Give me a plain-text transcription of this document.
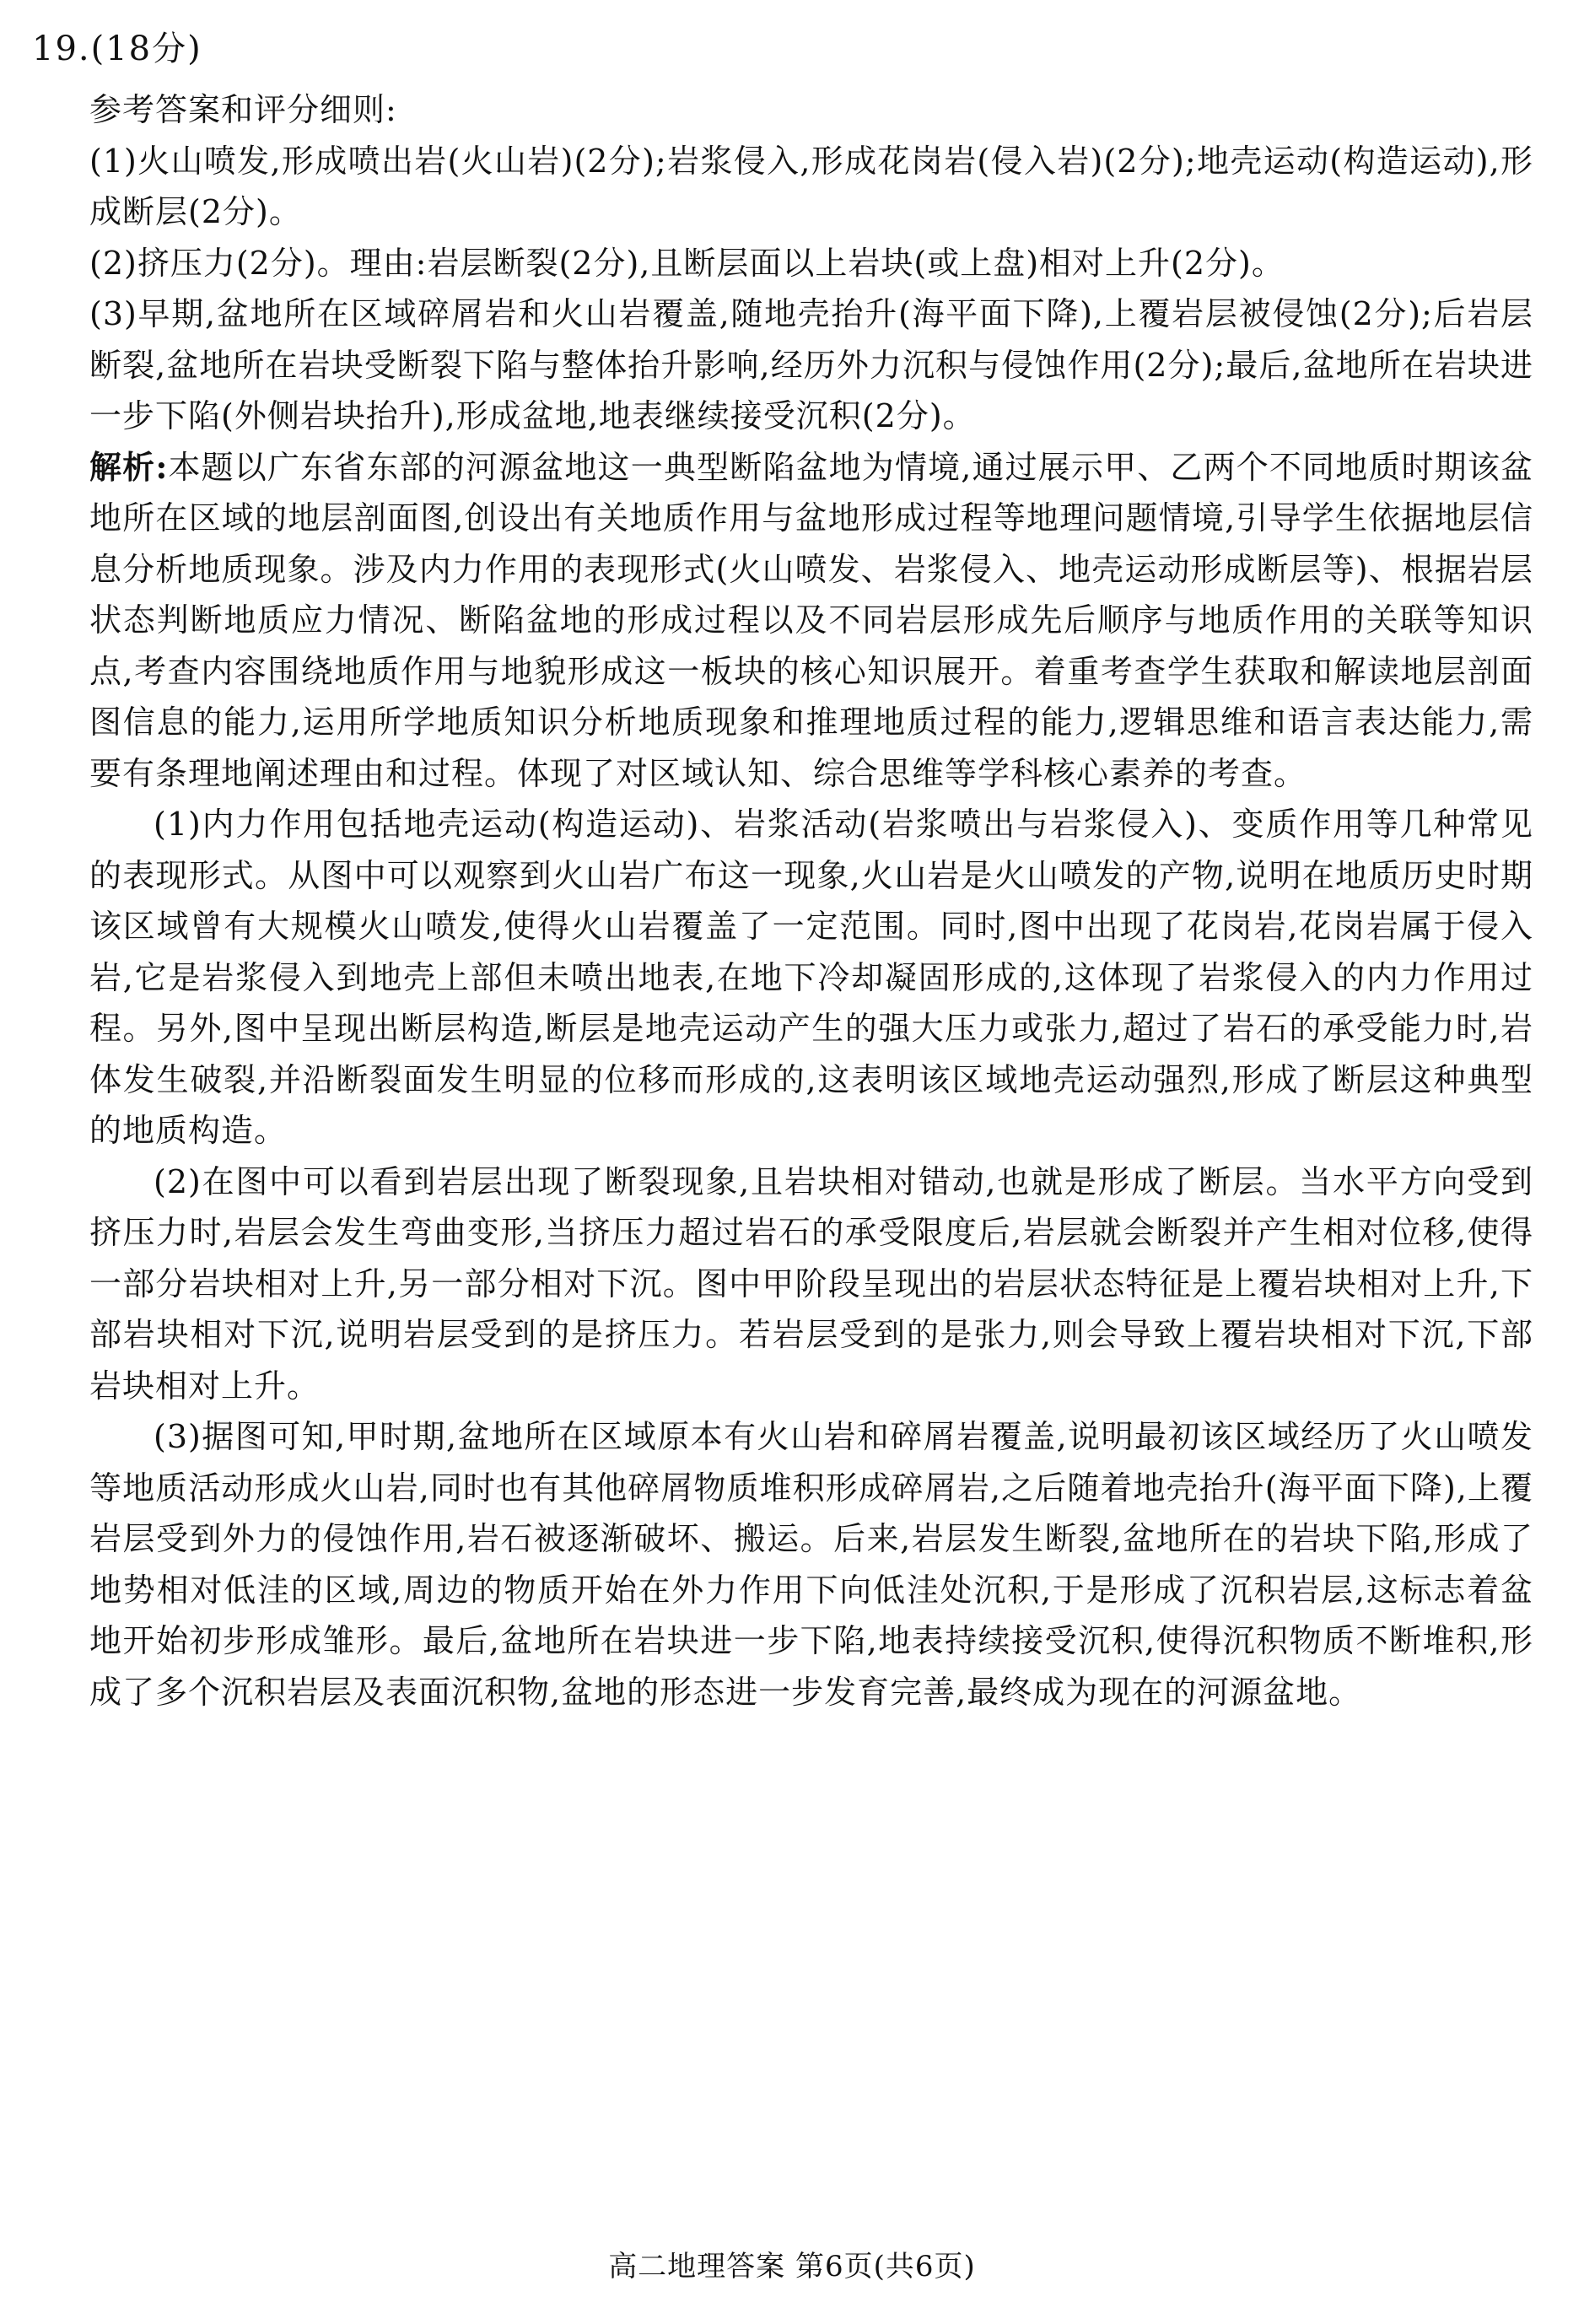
19.(18分)

参考答案和评分细则:

(1)火山喷发,形成喷出岩(火山岩)(2分);岩浆侵入,形成花岗岩(侵入岩)(2分);地壳运动(构造运动),形成断层(2分)。

(2)挤压力(2分)。理由:岩层断裂(2分),且断层面以上岩块(或上盘)相对上升(2分)。

(3)早期,盆地所在区域碎屑岩和火山岩覆盖,随地壳抬升(海平面下降),上覆岩层被侵蚀(2分);后岩层断裂,盆地所在岩块受断裂下陷与整体抬升影响,经历外力沉积与侵蚀作用(2分);最后,盆地所在岩块进一步下陷(外侧岩块抬升),形成盆地,地表继续接受沉积(2分)。

解析:本题以广东省东部的河源盆地这一典型断陷盆地为情境,通过展示甲、乙两个不同地质时期该盆地所在区域的地层剖面图,创设出有关地质作用与盆地形成过程等地理问题情境,引导学生依据地层信息分析地质现象。涉及内力作用的表现形式(火山喷发、岩浆侵入、地壳运动形成断层等)、根据岩层状态判断地质应力情况、断陷盆地的形成过程以及不同岩层形成先后顺序与地质作用的关联等知识点,考查内容围绕地质作用与地貌形成这一板块的核心知识展开。着重考查学生获取和解读地层剖面图信息的能力,运用所学地质知识分析地质现象和推理地质过程的能力,逻辑思维和语言表达能力,需要有条理地阐述理由和过程。体现了对区域认知、综合思维等学科核心素养的考查。

(1)内力作用包括地壳运动(构造运动)、岩浆活动(岩浆喷出与岩浆侵入)、变质作用等几种常见的表现形式。从图中可以观察到火山岩广布这一现象,火山岩是火山喷发的产物,说明在地质历史时期该区域曾有大规模火山喷发,使得火山岩覆盖了一定范围。同时,图中出现了花岗岩,花岗岩属于侵入岩,它是岩浆侵入到地壳上部但未喷出地表,在地下冷却凝固形成的,这体现了岩浆侵入的内力作用过程。另外,图中呈现出断层构造,断层是地壳运动产生的强大压力或张力,超过了岩石的承受能力时,岩体发生破裂,并沿断裂面发生明显的位移而形成的,这表明该区域地壳运动强烈,形成了断层这种典型的地质构造。

(2)在图中可以看到岩层出现了断裂现象,且岩块相对错动,也就是形成了断层。当水平方向受到挤压力时,岩层会发生弯曲变形,当挤压力超过岩石的承受限度后,岩层就会断裂并产生相对位移,使得一部分岩块相对上升,另一部分相对下沉。图中甲阶段呈现出的岩层状态特征是上覆岩块相对上升,下部岩块相对下沉,说明岩层受到的是挤压力。若岩层受到的是张力,则会导致上覆岩块相对下沉,下部岩块相对上升。

(3)据图可知,甲时期,盆地所在区域原本有火山岩和碎屑岩覆盖,说明最初该区域经历了火山喷发等地质活动形成火山岩,同时也有其他碎屑物质堆积形成碎屑岩,之后随着地壳抬升(海平面下降),上覆岩层受到外力的侵蚀作用,岩石被逐渐破坏、搬运。后来,岩层发生断裂,盆地所在的岩块下陷,形成了地势相对低洼的区域,周边的物质开始在外力作用下向低洼处沉积,于是形成了沉积岩层,这标志着盆地开始初步形成雏形。最后,盆地所在岩块进一步下陷,地表持续接受沉积,使得沉积物质不断堆积,形成了多个沉积岩层及表面沉积物,盆地的形态进一步发育完善,最终成为现在的河源盆地。

高二地理答案 第6页(共6页)
